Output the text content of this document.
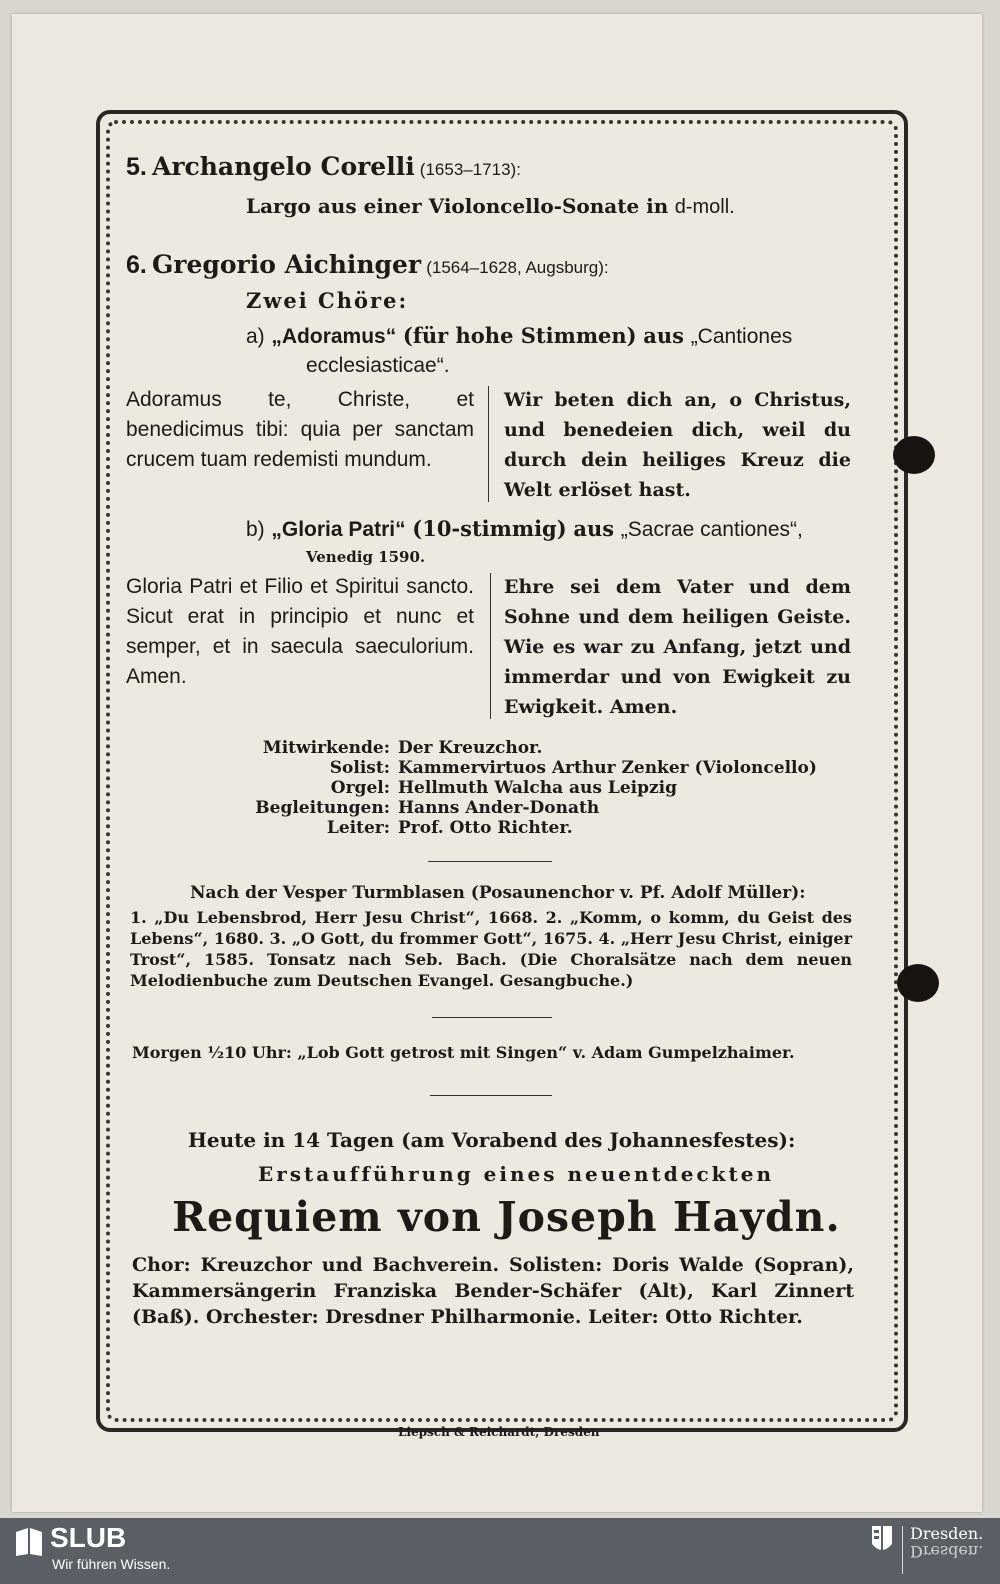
5. Archangelo Corelli (1653–1713):
Largo aus einer Violoncello-Sonate in d-moll.
6. Gregorio Aichinger (1564–1628, Augsburg):
Zwei Chöre:
a) „Adoramus“ (für hohe Stimmen) aus „Cantiones
ecclesiasticae“.
Adoramus te, Christe, et benedicimus tibi: quia per sanctam crucem tuam redemisti mundum.
Wir beten dich an, o Christus, und benedeien dich, weil du durch dein heiliges Kreuz die Welt erlöset hast.
b) „Gloria Patri“ (10-stimmig) aus „Sacrae cantiones“,
Venedig 1590.
Gloria Patri et Filio et Spiritui sancto. Sicut erat in principio et nunc et semper, et in saecula saeculorium. Amen.
Ehre sei dem Vater und dem Sohne und dem heiligen Geiste. Wie es war zu Anfang, jetzt und immerdar und von Ewigkeit zu Ewigkeit. Amen.
Mitwirkende: Der Kreuzchor.
Solist: Kammervirtuos Arthur Zenker (Violoncello)
Orgel: Hellmuth Walcha aus Leipzig
Begleitungen: Hanns Ander-Donath
Leiter: Prof. Otto Richter.
Nach der Vesper Turmblasen (Posaunenchor v. Pf. Adolf Müller):
1. „Du Lebensbrod, Herr Jesu Christ“, 1668. 2. „Komm, o komm, du Geist des Lebens“, 1680. 3. „O Gott, du frommer Gott“, 1675. 4. „Herr Jesu Christ, einiger Trost“, 1585. Tonsatz nach Seb. Bach. (Die Choralsätze nach dem neuen Melodienbuche zum Deutschen Evangel. Gesangbuche.)
Morgen ½10 Uhr: „Lob Gott getrost mit Singen“ v. Adam Gumpelzhaimer.
Heute in 14 Tagen (am Vorabend des Johannesfestes):
Erstaufführung eines neuentdeckten
Requiem von Joseph Haydn.
Chor: Kreuzchor und Bachverein. Solisten: Doris Walde (Sopran), Kammersängerin Franziska Bender-Schäfer (Alt), Karl Zinnert (Baß). Orchester: Dresdner Philharmonie. Leiter: Otto Richter.
Liepsch & Reichardt, Dresden
SLUB
Wir führen Wissen.
Dresden.
Dresden.
